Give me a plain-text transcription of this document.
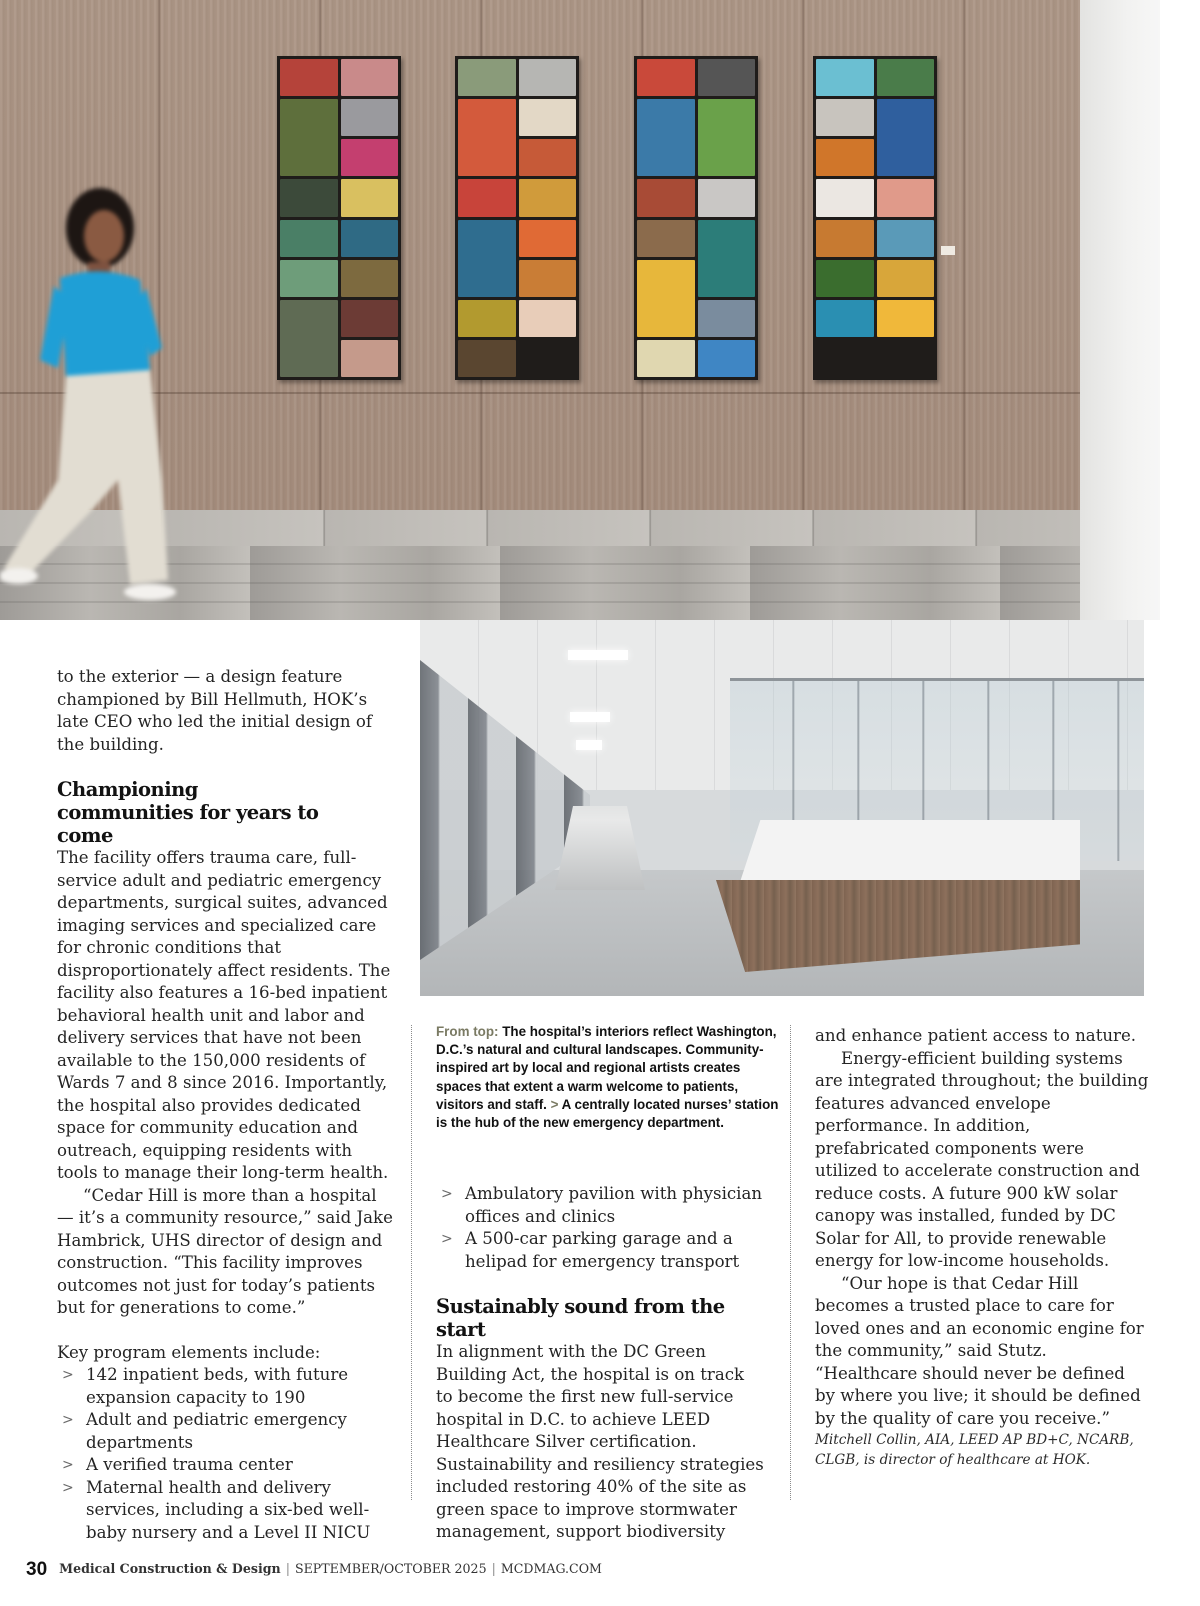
to the exterior — a design feature championed by Bill Hellmuth, HOK’s late CEO who led the initial design of the building.

Championing communities for years to come

The facility offers trauma care, full-service adult and pediatric emergency departments, surgical suites, advanced imaging services and specialized care for chronic conditions that disproportionately affect residents. The facility also features a 16-bed inpatient behavioral health unit and labor and delivery services that have not been available to the 150,000 residents of Wards 7 and 8 since 2016. Importantly, the hospital also provides dedicated space for community education and outreach, equipping residents with tools to manage their long-term health.

“Cedar Hill is more than a hospital — it’s a community resource,” said Jake Hambrick, UHS director of design and construction. “This facility improves outcomes not just for today’s patients but for generations to come.”

Key program elements include:

> 142 inpatient beds, with future expansion capacity to 190
> Adult and pediatric emergency departments
> A verified trauma center
> Maternal health and delivery services, including a six-bed well-baby nursery and a Level II NICU
From top: The hospital’s interiors reflect Washington, D.C.’s natural and cultural landscapes. Community-inspired art by local and regional artists creates spaces that extent a warm welcome to patients, visitors and staff. > A centrally located nurses’ station is the hub of the new emergency department.
> Ambulatory pavilion with physician offices and clinics
> A 500-car parking garage and a helipad for emergency transport
Sustainably sound from the start

In alignment with the DC Green Building Act, the hospital is on track to become the first new full-service hospital in D.C. to achieve LEED Healthcare Silver certification. Sustainability and resiliency strategies included restoring 40% of the site as green space to improve stormwater management, support biodiversity

and enhance patient access to nature.

Energy-efficient building systems are integrated throughout; the building features advanced envelope performance. In addition, prefabricated components were utilized to accelerate construction and reduce costs. A future 900 kW solar canopy was installed, funded by DC Solar for All, to provide renewable energy for low-income households.

“Our hope is that Cedar Hill becomes a trusted place to care for loved ones and an economic engine for the community,” said Stutz. “Healthcare should never be defined by where you live; it should be defined by the quality of care you receive.”

Mitchell Collin, AIA, LEED AP BD+C, NCARB, CLGB, is director of healthcare at HOK.
30 Medical Construction & Design | SEPTEMBER/OCTOBER 2025 | MCDMAG.COM
